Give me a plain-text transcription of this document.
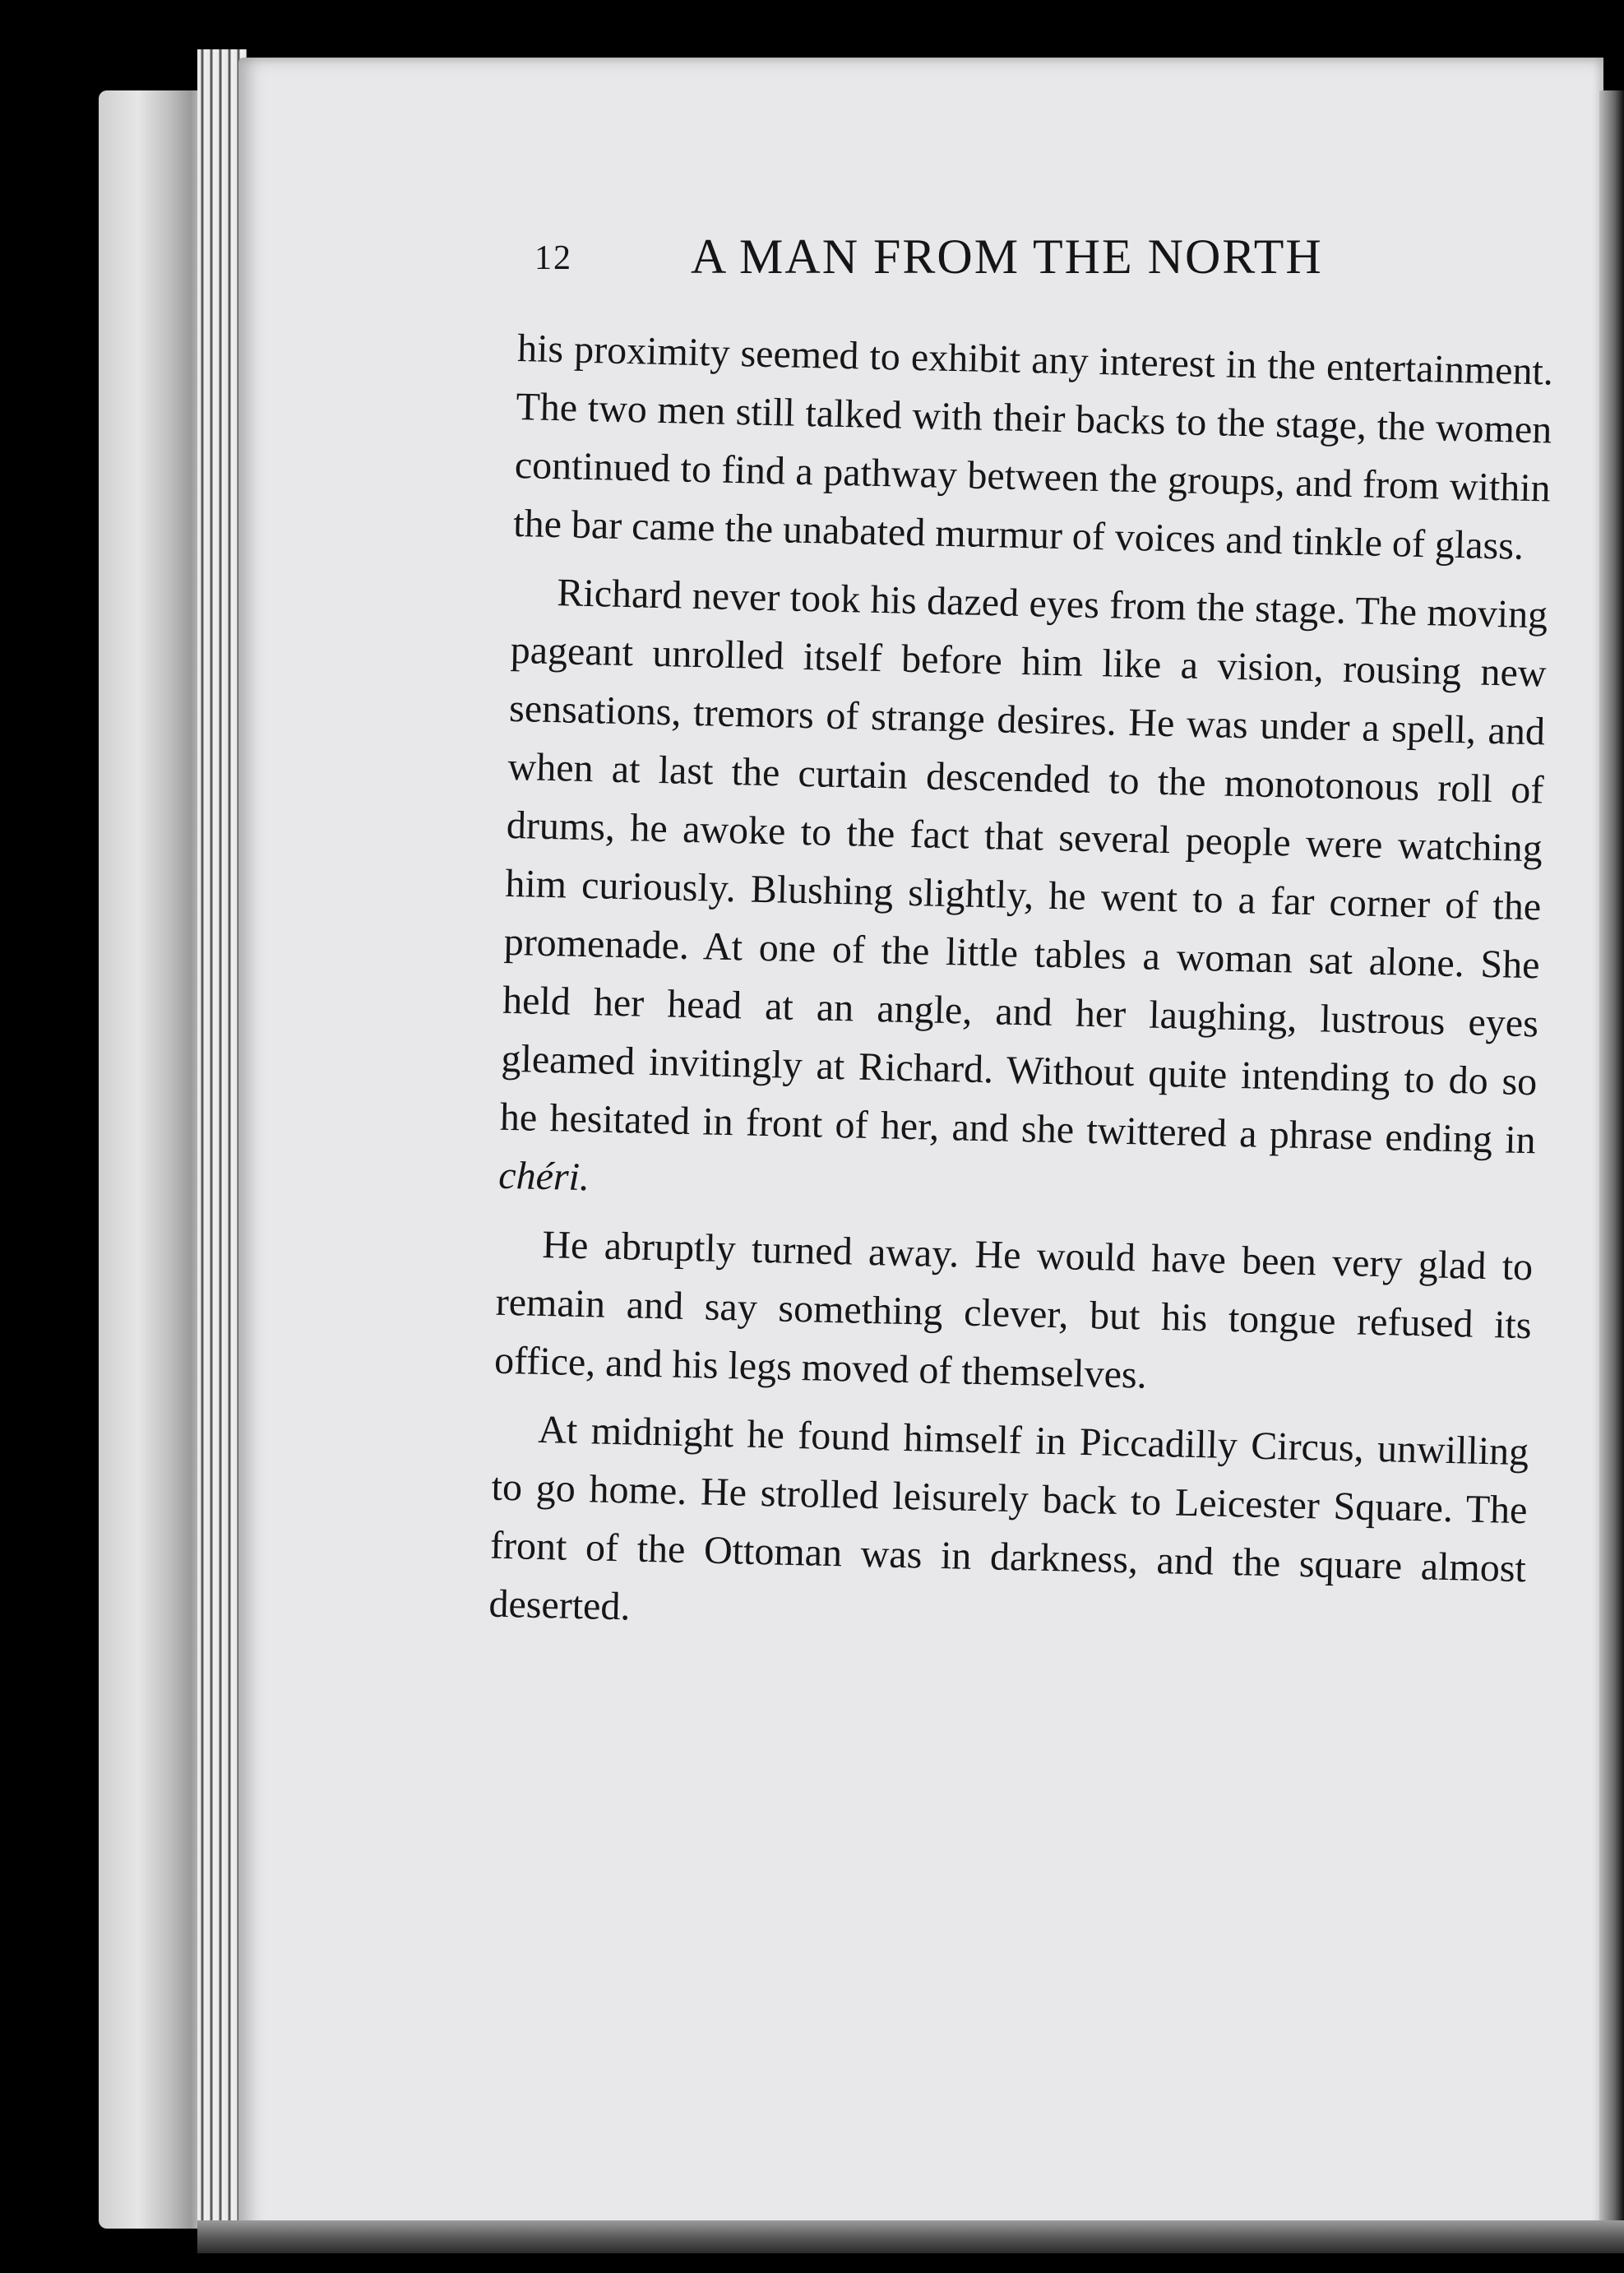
12 A MAN FROM THE NORTH

his proximity seemed to exhibit any interest in the entertainment. The two men still talked with their backs to the stage, the women continued to find a pathway between the groups, and from within the bar came the unabated murmur of voices and tinkle of glass.

Richard never took his dazed eyes from the stage. The moving pageant unrolled itself before him like a vision, rousing new sensations, tremors of strange desires. He was under a spell, and when at last the curtain descended to the monotonous roll of drums, he awoke to the fact that several people were watching him curiously. Blushing slightly, he went to a far corner of the promenade. At one of the little tables a woman sat alone. She held her head at an angle, and her laughing, lustrous eyes gleamed invitingly at Richard. Without quite intending to do so he hesitated in front of her, and she twittered a phrase ending in chéri.

He abruptly turned away. He would have been very glad to remain and say something clever, but his tongue refused its office, and his legs moved of themselves.

At midnight he found himself in Piccadilly Circus, unwilling to go home. He strolled leisurely back to Leicester Square. The front of the Ottoman was in darkness, and the square almost deserted.
